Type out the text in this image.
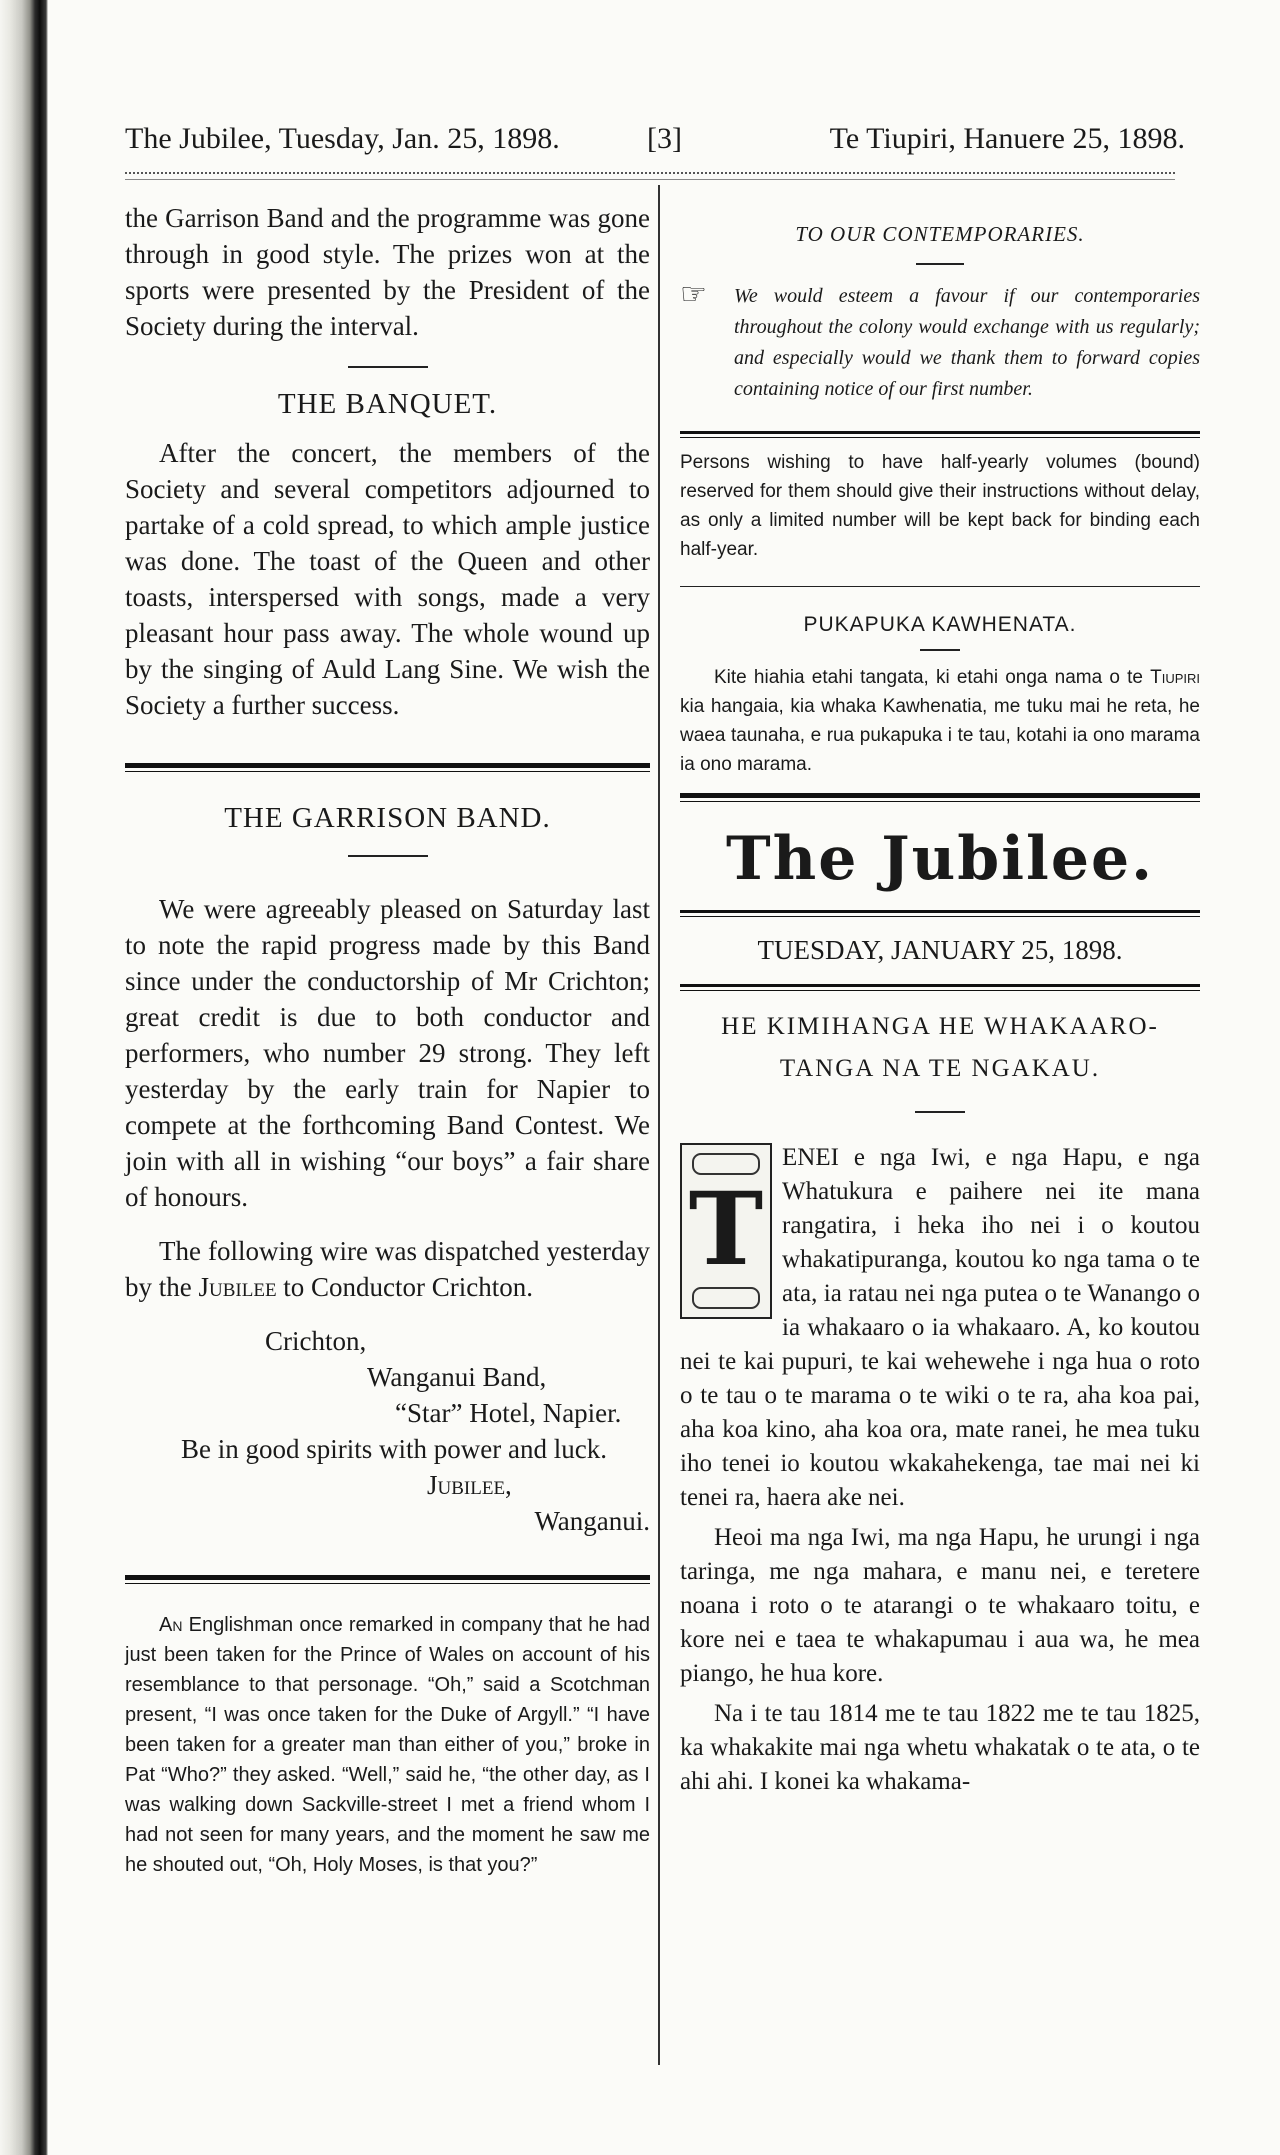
The Jubilee, Tuesday, Jan. 25, 1898.	[3]	Te Tiupiri, Hanuere 25, 1898.

the Garrison Band and the programme was gone through in good style. The prizes won at the sports were presented by the President of the Society during the interval.

THE BANQUET.

After the concert, the members of the Society and several competitors adjourned to partake of a cold spread, to which ample justice was done. The toast of the Queen and other toasts, interspersed with songs, made a very pleasant hour pass away. The whole wound up by the singing of Auld Lang Sine. We wish the Society a further success.

THE GARRISON BAND.

We were agreeably pleased on Saturday last to note the rapid progress made by this Band since under the conductorship of Mr Crichton; great credit is due to both conductor and performers, who number 29 strong. They left yesterday by the early train for Napier to compete at the forthcoming Band Contest. We join with all in wishing “our boys” a fair share of honours.

The following wire was dispatched yesterday by the Jubilee to Conductor Crichton.

Crichton,
Wanganui Band,
“Star” Hotel, Napier.
Be in good spirits with power and luck.
Jubilee,
Wanganui.

An Englishman once remarked in company that he had just been taken for the Prince of Wales on account of his resemblance to that personage. “Oh,” said a Scotchman present, “I was once taken for the Duke of Argyll.” “I have been taken for a greater man than either of you,” broke in Pat “Who?” they asked. “Well,” said he, “the other day, as I was walking down Sackville-street I met a friend whom I had not seen for many years, and the moment he saw me he shouted out, “Oh, Holy Moses, is that you?”

TO OUR CONTEMPORARIES.
☞ We would esteem a favour if our contemporaries throughout the colony would exchange with us regularly; and especially would we thank them to forward copies containing notice of our first number.

Persons wishing to have half-yearly volumes (bound) reserved for them should give their instructions without delay, as only a limited number will be kept back for binding each half-year.

PUKAPUKA KAWHENATA.

Kite hiahia etahi tangata, ki etahi onga nama o te Tiupiri kia hangaia, kia whaka Kawhenatia, me tuku mai he reta, he waea taunaha, e rua pukapuka i te tau, kotahi ia ono marama ia ono marama.

The Jubilee.
TUESDAY, JANUARY 25, 1898.
HE KIMIHANGA HE WHAKAARO-
TANGA NA TE NGAKAU.
T

ENEI e nga Iwi, e nga Hapu, e nga Whatukura e paihere nei ite mana rangatira, i heka iho nei i o koutou whakatipuranga, koutou ko nga tama o te ata, ia ratau nei nga putea o te Wanango o ia whakaaro o ia whakaaro. A, ko koutou nei te kai pupuri, te kai wehewehe i nga hua o roto o te tau o te marama o te wiki o te ra, aha koa pai, aha koa kino, aha koa ora, mate ranei, he mea tuku iho tenei io koutou wkakahekenga, tae mai nei ki tenei ra, haera ake nei.

Heoi ma nga Iwi, ma nga Hapu, he urungi i nga taringa, me nga mahara, e manu nei, e teretere noana i roto o te atarangi o te whakaaro toitu, e kore nei e taea te whakapumau i aua wa, he mea piango, he hua kore.

Na i te tau 1814 me te tau 1822 me te tau 1825, ka whakakite mai nga whetu whakatak o te ata, o te ahi ahi. I konei ka whakama-
